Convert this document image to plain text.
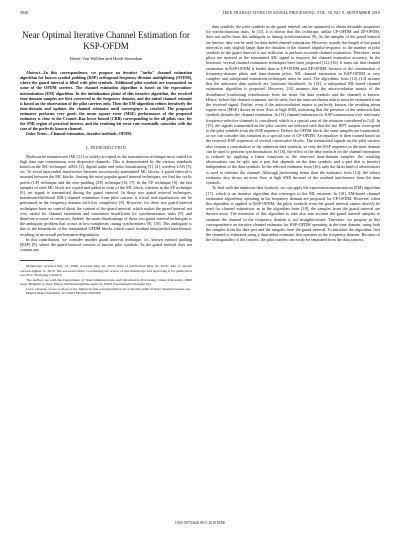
4948	IEEE TRANSACTIONS ON SIGNAL PROCESSING, VOL. 58, NO. 9, SEPTEMBER 2010
Near Optimal Iterative Channel Estimation for KSP-OFDM
Dieter Van Welden and Heidi Steendam

Abstract—In this correspondence, we propose an iterative "turbo" channel estimation algorithm for known symbol padding (KSP) orthogonal frequency-division multiplexing (OFDM), where the guard interval is filled with pilot symbols. Additional pilot symbols are transmitted on some of the OFDM carriers. The channel estimation algorithm is based on the expectation-maximization (EM) algorithm. In the initialization phase of this iterative algorithm, the received time-domain samples are first converted to the frequency domain, and the initial channel estimate is based on the observation of the pilot carriers only. Then the EM-algorithm refines iteratively the time-domain and updates the channel estimates until convergence is reached. The proposed estimator performs very good: the mean square error (MSE) performance of the proposed estimator is close to the Cramér–Rao lower bound (CRB) corresponding to the all pilots case, for the SNR region of practical interest, and the resulting bit error rate essentially coincides with the case of the perfectly known channel.

Index Terms—Channel estimation, iterative methods, OFDM.

I. INTRODUCTION

Multicarrier transmission (MC) [1] is widely accepted as the transmission technique most suited for high data rate transmission over dispersive channels. This is demonstrated by the various standards based on the MC-technique: xDSL [2], digital audio and video broadcasting [3], [4], wireless LAN [5], etc. To avoid interymbol interference between successively transmitted MC blocks, a guard interval is inserted between the MC blocks. Among the most popular guard interval techniques, we find the cyclic prefix (CP) technique and the zero-padding (ZP) technique [6], [7]. In the CP technique [6], the last samples of each MC block are copied and added in front of the MC block, whereas in the ZP technique [6], no signal is transmitted during the guard interval. In these two guard interval techniques, maximum-likelihood (ML) channel estimation from pilot carriers is trivial and equalization can be performed in the frequency domain with low complexity [8]. However, for these two guard interval techniques have no control about the content of the guard interval, which makes the guard interval not very useful for channel estimation and sometimes insufficient for synchronization tasks [9], and therefore a waste of resources. Indeed, the main disadvantage of these two guard interval techniques is the ambiguity problem that occurs in low-complexity timing synchronizers [9], [10]. This ambiguity is due to the boundaries of the transmitted OFDM blocks which cause residual intersymbol interference, resulting in an overall performance degradation.

In this contribution, we consider another guard interval technique, i.e., known symbol padding (KSP) [9], where the guard interval consists of known pilot symbols. As the guard interval does not contain any

Manuscript received July 13, 2009; accepted May 10, 2010. Date of publication May 20, 2010; date of current version August 11, 2010. The associate editor coordinating the review of this manuscript and approving it for publication was Prof. Wolfgang Utschick.

The authors are with the Department of Telecommunications and Information Processing, Ghent University, 9000 Gent, Belgium (e-mail: Dieter.VanWelden@telin.ugent.be; Heidi.Steendam@telin.ugent.be).

Color versions of one or more of the figures in this correspondence are available online at http://ieeexplore.ieee.org.

Digital Object Identifier 10.1109/TSP.2010.2050588

data symbols, the pilot symbols in the guard interval can be optimized to obtain desirable properties for synchronization tasks. In [11], it is shown that this technique, unlike CP-OFDM and ZP-OFDM, does not suffer from this ambiguity in timing synchronization [9]. As the samples of the guard interval are known, they can be used for data-aided channel estimation. However, usually the length of the guard interval is only slightly larger than the duration of the channel impulse response, so the number of pilot symbols in the guard interval is not sufficient to perform accurate channel estimation. Therefore, extra pilots are inserted in the transmitted MC signal to improve the channel estimation accuracy. In the literature, several channel estimation techniques have been proposed [12]–[16]. It turns out that channel estimation in KSP-OFDM is harder than in CP-OFDM and ZP-OFDM, because of the combination of frequency-domain pilots and time-domain pilots. ML channel estimation in KSP-OFDM is very complex and suboptimal estimation techniques must be used. The algorithms from [12]–[14] assume that the unknown data symbols are Gaussian distributed. In [14], a suboptimal ML-based channel estimation algorithm is proposed. However, [14] assumes that the autocorrelation matrix of the disturbance (containing contributions from the noise, the data symbols and the channel) is known. Hence, before this channel estimator can be used, first the autocorrelation matrix must be estimated from the received signal. Further, even if the autocorrelation matrix is perfectly known, the resulting mean square error (MSE) shows an error floor at high SNR, indicating that the presence of the unknown data symbols disturbs the channel estimation. In [13] channel estimation for KSP transmission over stationary frequency-selective channels is considered, which is a special case of the situation considered in [14]. In [15], the signals transmitted on the pilot carriers are selected such that the last IFFT outputs correspond to the pilot symbols from the KSP sequence. Before the OFDM block, the same samples are transmitted, so we can consider this situation as a special case of CP-OFDM. An equalizer is then trained based on the received KSP sequences of several consecutive blocks. The transmitted signals on the pilot carriers also contain a contribution of the unknown data symbols, so only the KSP sequence in the time domain can be used to perform synchronization. In [16], the effect of the data symbols on the channel estimation is reduced by applying a linear transform to the observed time-domain samples; the resulting observations can be split into a part that depends on the data symbols and a part that is (nearly) independent of the data symbols. In the selected estimator from [16], only the latter kind of observations is used to estimate the channel. Although performing better than the estimator from [14], the robust estimator also shows an error floor at high SNR because of the residual interference from the data symbols.

To deal with the unknown data symbols, we can apply the expectation-maximization (EM) algorithm [17], which is an iterative algorithm that converges to the ML estimate. In [18], EM-based channel estimation algorithms operating in the frequency domain are proposed for CP-OFDM. However, when this algorithm is applied to KSP-OFDM, the pilots symbols from the guard interval cannot directly be used for channel estimation, as in the algorithm from [18], the samples from the guard interval are thrown away. The extension of this algorithm to take also into account the guard interval samples to estimate the channel in the frequency domain is not straightforward. Therefore, we propose in this correspondence an iterative channel estimator for KSP-OFDM operating in the time domain, using both the samples from the data part and the samples from the guard interval. To initialize the algorithm, first the channel is estimated using a data-aided estimator that operates in the frequency domain. Because of the orthogonality of the carriers, the pilot carriers can easily be separated from the data carriers.

1053-587X/$26.00 © 2010 IEEE
